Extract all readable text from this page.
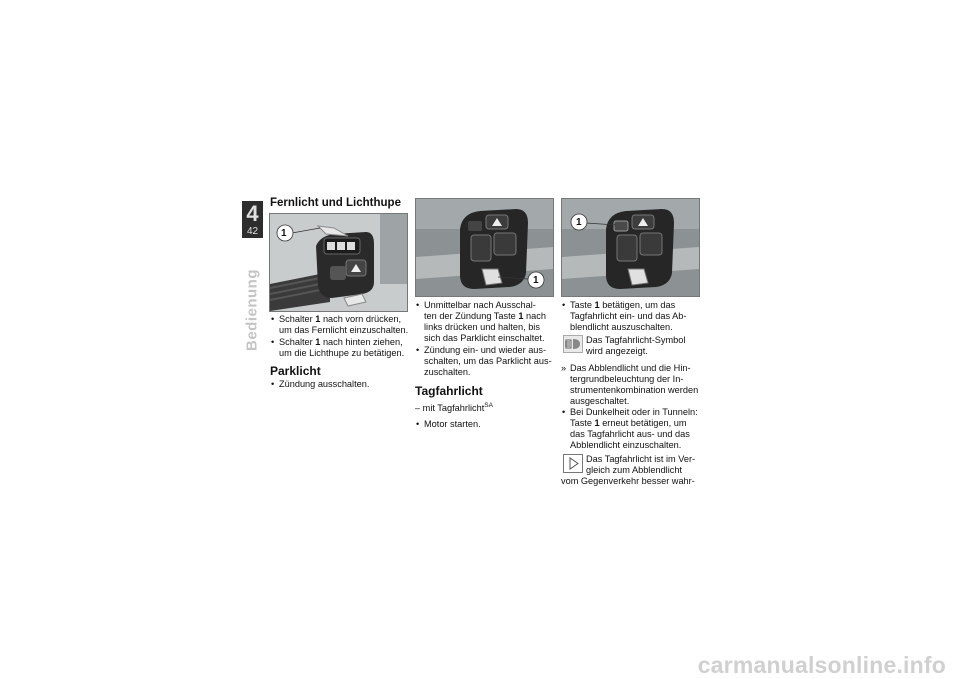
4
42
Bedienung
Fernlicht und Lichthupe
1
• Schalter 1 nach vorn drücken,
um das Fernlicht einzuschalten.
• Schalter 1 nach hinten ziehen,
um die Lichthupe zu betätigen.
Parklicht
• Zündung ausschalten.
1
• Unmittelbar nach Ausschal-
ten der Zündung Taste 1 nach
links drücken und halten, bis
sich das Parklicht einschaltet.
• Zündung ein- und wieder aus-
schalten, um das Parklicht aus-
zuschalten.
Tagfahrlicht
– mit Tagfahrlicht$^{SA}$
• Motor starten.
1
• Taste 1 betätigen, um das
Tagfahrlicht ein- und das Ab-
blendlicht auszuschalten.
Das Tagfahrlicht-Symbol
wird angezeigt.
» Das Abblendlicht und die Hin-
tergrundbeleuchtung der In-
strumentenkombination werden
ausgeschaltet.
• Bei Dunkelheit oder in Tunneln:
Taste 1 erneut betätigen, um
das Tagfahrlicht aus- und das
Abblendlicht einzuschalten.
Das Tagfahrlicht ist im Ver-
gleich zum Abblendlicht
vom Gegenverkehr besser wahr-
carmanualsonline.info
